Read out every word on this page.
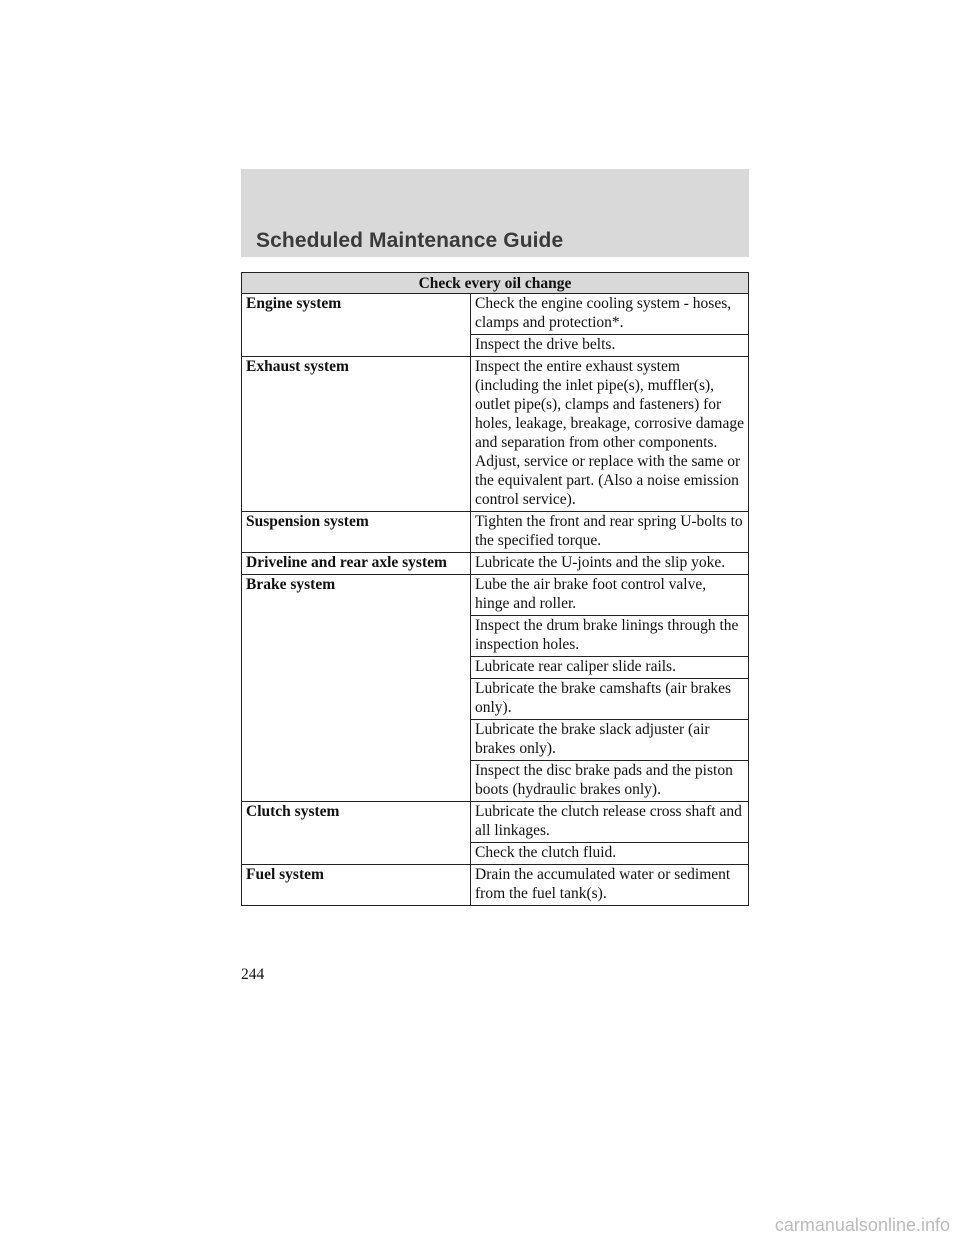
Scheduled Maintenance Guide
Check every oil change	
Engine system	Check the engine cooling system - hoses, clamps and protection*.
	Inspect the drive belts.
Exhaust system	Inspect the entire exhaust system (including the inlet pipe(s), muffler(s), outlet pipe(s), clamps and fasteners) for holes, leakage, breakage, corrosive damage and separation from other components. Adjust, service or replace with the same or the equivalent part. (Also a noise emission control service).
Suspension system	Tighten the front and rear spring U-bolts to the specified torque.
Driveline and rear axle system	Lubricate the U-joints and the slip yoke.
Brake system	Lube the air brake foot control valve, hinge and roller.
	Inspect the drum brake linings through the inspection holes.
	Lubricate rear caliper slide rails.
	Lubricate the brake camshafts (air brakes only).
	Lubricate the brake slack adjuster (air brakes only).
	Inspect the disc brake pads and the piston boots (hydraulic brakes only).
Clutch system	Lubricate the clutch release cross shaft and all linkages.
	Check the clutch fluid.
Fuel system	Drain the accumulated water or sediment from the fuel tank(s).
244
carmanualsonline.info
